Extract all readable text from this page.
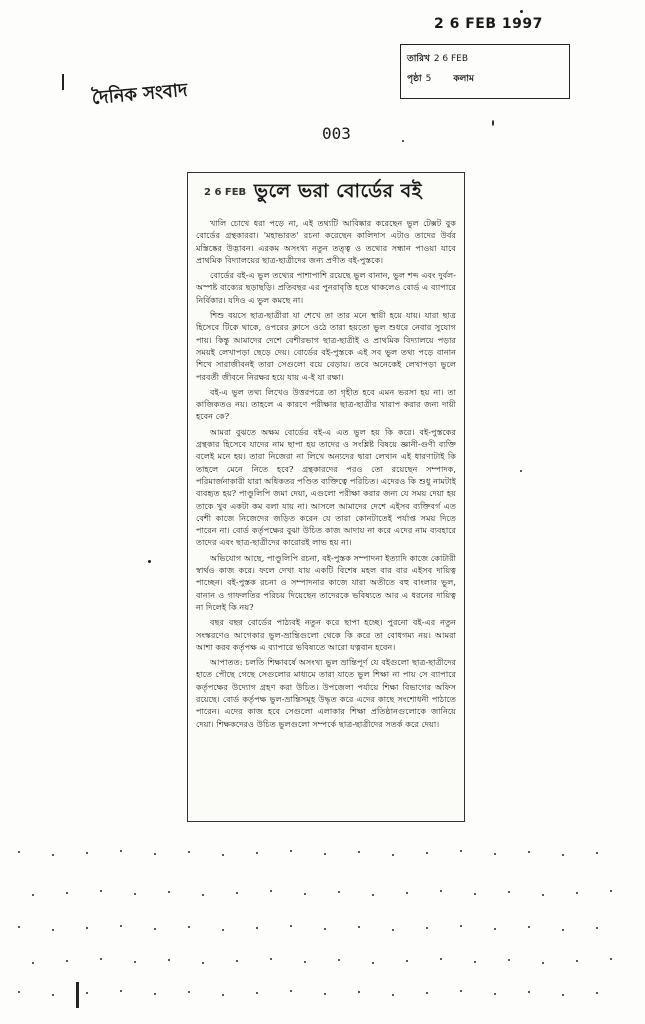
2 6 FEB 1997
তারিখ 2 6 FEB
পৃষ্ঠা 5 কলাম
দৈনিক সংবাদ
003
2 6 FEB ভুলে ভরা বোর্ডের বই

খালি চোখে ধরা পড়ে না, এই তথ্যটি আবিষ্কার করেছেন ভুল টেক্সট বুক বোর্ডের গ্রন্থকাররা। 'মহাভারত' রচনা করেছেন কালিদাস এটাও তাদের উর্বর মস্তিষ্কের উদ্ভাবন। এরকম অসংখ্য নতুন তত্ত্ব ও তথ্যের সন্ধান পাওয়া যাবে প্রাথমিক বিদ্যালয়ের ছাত্র-ছাত্রীদের জন্য প্রণীত বই-পুস্তকে।

বোর্ডের বই-এ ভুল তথ্যের পাশাপাশি রয়েছে ভুল বানান, ভুল শব্দ এবং দুর্বল-অস্পষ্ট বাক্যের ছড়াছড়ি। প্রতিবছর এর পুনরাবৃত্তি হতে থাকলেও বোর্ড এ ব্যাপারে নির্বিকার। যদিও এ ভুল কমছে না।

শিশু বয়সে ছাত্র-ছাত্রীরা যা শেখে তা তার মনে স্থায়ী হয়ে যায়। যারা ছাত্র হিসেবে টিকে থাকে, ওপরের ক্লাসে ওঠে তারা হয়তো ভুল শুধরে নেবার সুযোগ পায়। কিন্তু আমাদের দেশে বেশীরভাগ ছাত্র-ছাত্রীই ও প্রাথমিক বিদ্যালয়ে পড়ার সময়ই লেখাপড়া ছেড়ে দেয়। বোর্ডের বই-পুস্তকে এই সব ভুল তথ্য পড়ে বানান শিখে সারাজীবনই তারা সেগুলো বয়ে বেড়ায়। তবে অনেকেই লেখাপড়া ভুলে পরবর্তী জীবনে নিরক্ষর হয়ে যায় এ-ই যা রক্ষা।

বই-এ ভুল তথ্য লিখেও উত্তরপত্রে তা গৃহীত হবে এমন ভরসা হয় না। তা কাজিকতও নয়। তাহলে এ কারণে পরীক্ষার ছাত্র-ছাত্রীর খারাপ করার জন্য দায়ী হবেন কে?

আমরা বুঝতে অক্ষম বোর্ডের বই-এ এত ভুল হয় কি করে। বই-পুস্তকের গ্রন্থকার হিসেবে যাদের নাম ছাপা হয় তাদের ও সংশ্লিষ্ট বিষয়ে জ্ঞানী-গুণী ব্যক্তি বলেই মনে হয়। তারা নিজেরা না লিখে অন্যদের দ্বারা লেখান এই ধারণাটাই কি তাহলে মেনে নিতে হবে? গ্রন্থকারদের পরও তো রয়েছেন সম্পাদক, পরিমার্জনাকারী যারা অধিকতর পণ্ডিত ব্যক্তিত্বে পরিচিত। এদেরও কি শুধু নামটাই ব্যবহৃত হয়? পাণ্ডুলিপি জমা দেয়া, এগুলো পরীক্ষা করার জন্য যে সময় দেয়া হয় তাকে খুব একটা কম বলা যায় না। আসলে আমাদের দেশে এইসব ব্যক্তিবর্গ এত বেশী কাজে নিজেদের জড়িত করেন যে তারা কোনটাতেই পর্যাপ্ত সময় দিতে পারেন না। বোর্ড কর্তৃপক্ষের বুঝা উচিত কাজ আদায় না করে এদের নাম ব্যবহারে তাদের এবং ছাত্র-ছাত্রীদের কারোরই লাভ হয় না।

অভিযোগ আছে, পাণ্ডুলিপি রচনা, বই-পুস্তক সম্পাদনা ইত্যাদি কাজে কোটারী স্বার্থও কাজ করে। ফলে দেখা যায় একটি বিশেষ মহল বার বার এইসব দায়িত্ব পাচ্ছেন। বই-পুস্তক রচনা ও সম্পাদনার কাজে যারা অতীতে বহু বাংলার ভুল, বানান ও গাফলতির পরিচয় দিয়েছেন তাদেরকে ভবিষ্যতে আর এ ধরনের দায়িত্ব না দিলেই কি নয়?

বছর বছর বোর্ডের পাঠ্যবই নতুন করে ছাপা হচ্ছে। পুরনো বই-এর নতুন সংস্করণেও আগেকার ভুল-ভ্রান্তিগুলো থেকে কি করে তা বোধগম্য নয়। আমরা আশা করব কর্তৃপক্ষ এ ব্যাপারে ভবিষ্যতে আরো যত্নবান হবেন।

আপাতত: চলতি শিক্ষাবর্ষে অসংখ্য ভুল ভ্রান্তিপূর্ণ যে বইগুলো ছাত্র-ছাত্রীদের হাতে পৌছে গেছে সেগুলোর মাধ্যমে তারা যাতে ভুল শিক্ষা না পায় সে ব্যাপারে কর্তৃপক্ষের উদ্যোগ গ্রহণ করা উচিত। উপজেলা পর্যায়ে শিক্ষা বিভাগের অফিস রয়েছে। বোর্ড কর্তৃপক্ষ ভুল-ভ্রান্তিসমূহ উদ্ধৃত করে এদের কাছে সংশোধনী পাঠাতে পারেন। এদের কাজ হবে সেগুলো এলাকার শিক্ষা প্রতিষ্ঠানগুলোকে জানিয়ে দেয়া। শিক্ষকদেরও উচিত ভুলগুলো সম্পর্কে ছাত্র-ছাত্রীদের সতর্ক করে দেয়া।
